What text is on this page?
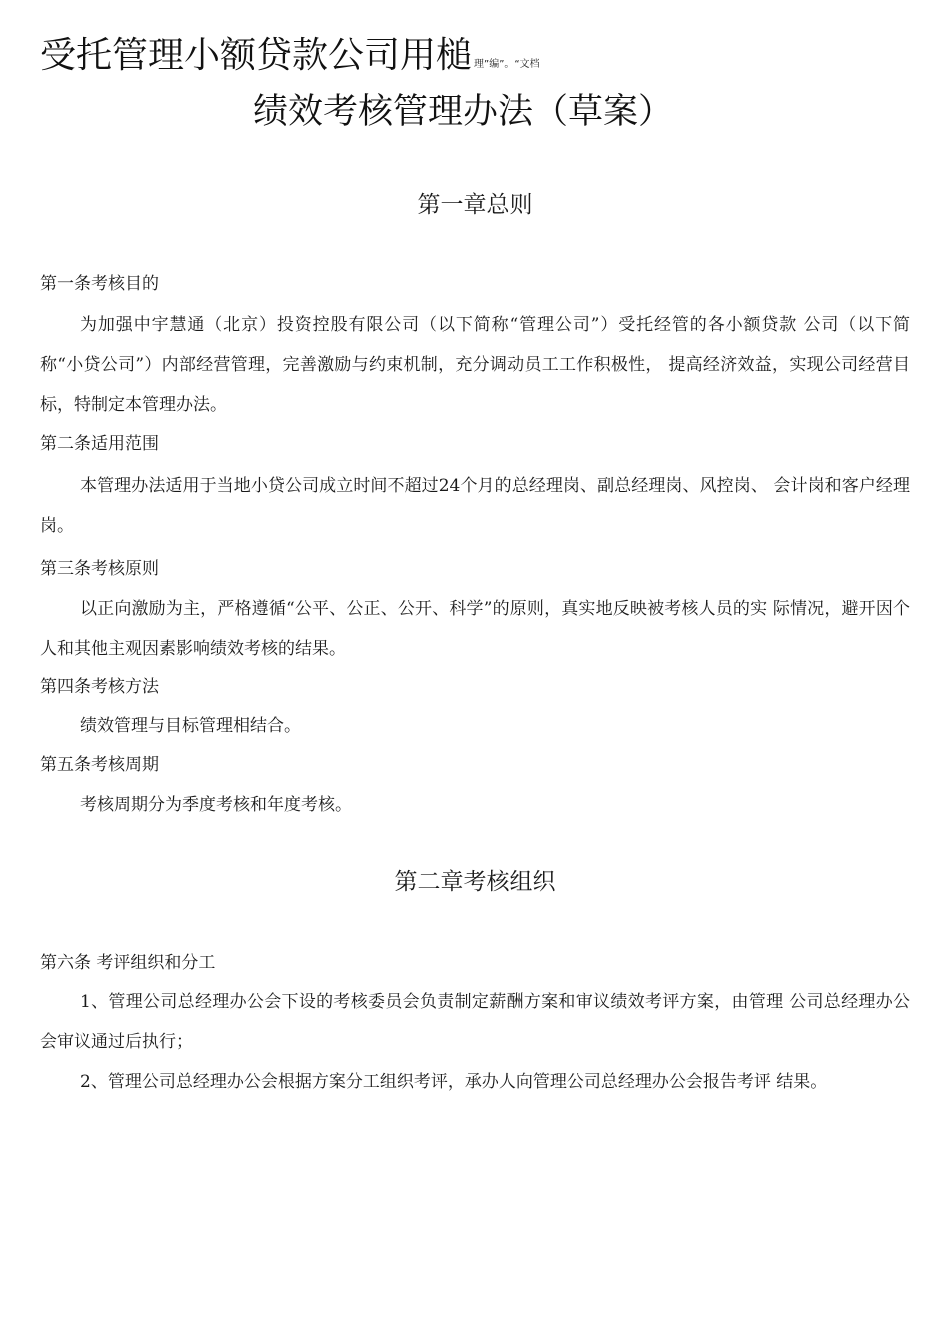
受托管理小额贷款公司用槌 理”编”。“文档
绩效考核管理办法（草案）
第一章总则
第一条考核目的

为加强中宇慧通（北京）投资控股有限公司（以下简称“管理公司”）受托经管的各小额贷款 公司（以下简称“小贷公司”）内部经营管理，完善激励与约束机制，充分调动员工工作积极性， 提高经济效益，实现公司经营目标，特制定本管理办法。

第二条适用范围

本管理办法适用于当地小贷公司成立时间不超过24个月的总经理岗、副总经理岗、风控岗、 会计岗和客户经理岗。

第三条考核原则

以正向激励为主，严格遵循“公平、公正、公开、科学”的原则，真实地反映被考核人员的实 际情况，避开因个人和其他主观因素影响绩效考核的结果。

第四条考核方法

绩效管理与目标管理相结合。

第五条考核周期

考核周期分为季度考核和年度考核。

第二章考核组织
第六条 考评组织和分工

1、管理公司总经理办公会下设的考核委员会负责制定薪酬方案和审议绩效考评方案，由管理 公司总经理办公会审议通过后执行；

2、管理公司总经理办公会根据方案分工组织考评，承办人向管理公司总经理办公会报告考评 结果。
